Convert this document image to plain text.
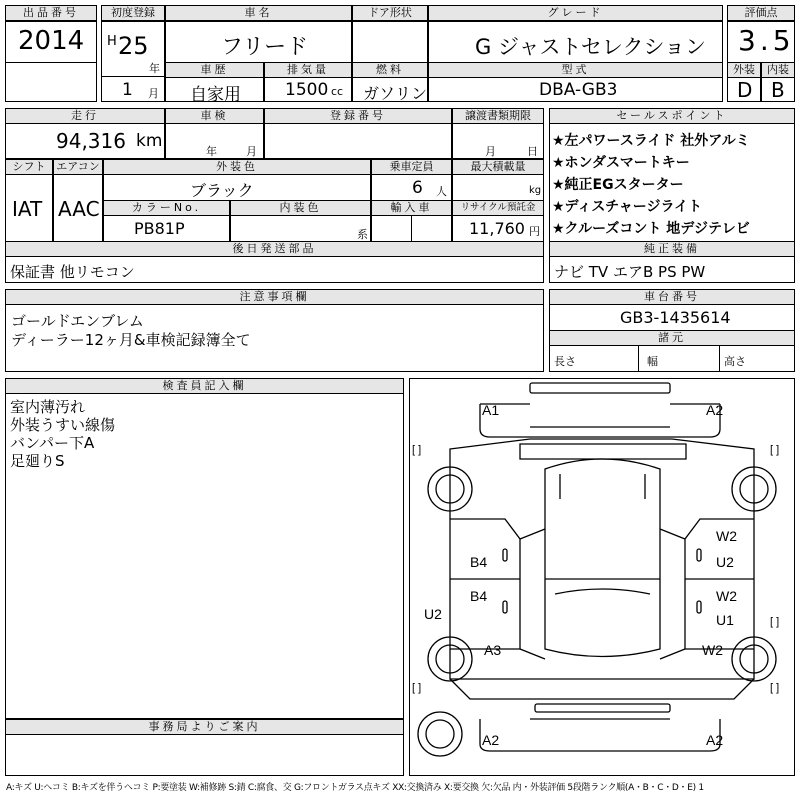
出品番号
2014
初度登録
H 25
年
1 月
車名
フリード
ドア形状	グレード
G ジャストセレクション
評価点
3.5
車歴
自家用
排気量
1500 cc
燃料
ガソリン
型式
DBA-GB3
外装
D
内装
B
走行
94,316 km
車検
年	月
登録番号	譲渡書類期限
月	日
セールスポイント
★左パワースライド 社外アルミ
★ホンダスマートキー
★純正EGスターター
★ディスチャージライト
★クルーズコント 地デジテレビ
シフト
IAT
エアコン
AAC
外装色
ブラック
乗車定員
6 人
最大積載量
kg
カラーNo.
PB81P
内装色
系
輸入車	リサイクル預託金
11,760 円
後日発送部品
保証書 他リモコン
純正装備
ナビ TV エアB PS PW
注意事項欄
ゴールドエンブレム
ディーラー12ヶ月&車検記録簿全て
車台番号
GB3-1435614
諸元
長さ	幅	高さ
検査員記入欄
室内薄汚れ
外装うすい線傷
バンパー下A
足廻りS
事務局よりご案内
A1	A2
W2
U2
W2
U1
W2
B4
B4
U2
A3
A2	A2
[ ]	[ ]
[ ]
[ ]	[ ]
A:キズ U:ヘコミ B:キズを伴うヘコミ P:要塗装 W:補修跡 S:錆 C:腐食、交 G:フロントガラス点キズ XX:交換済み X:要交換 欠:欠品 内・外装評価 5段階ランク順(A・B・C・D・E) 1
